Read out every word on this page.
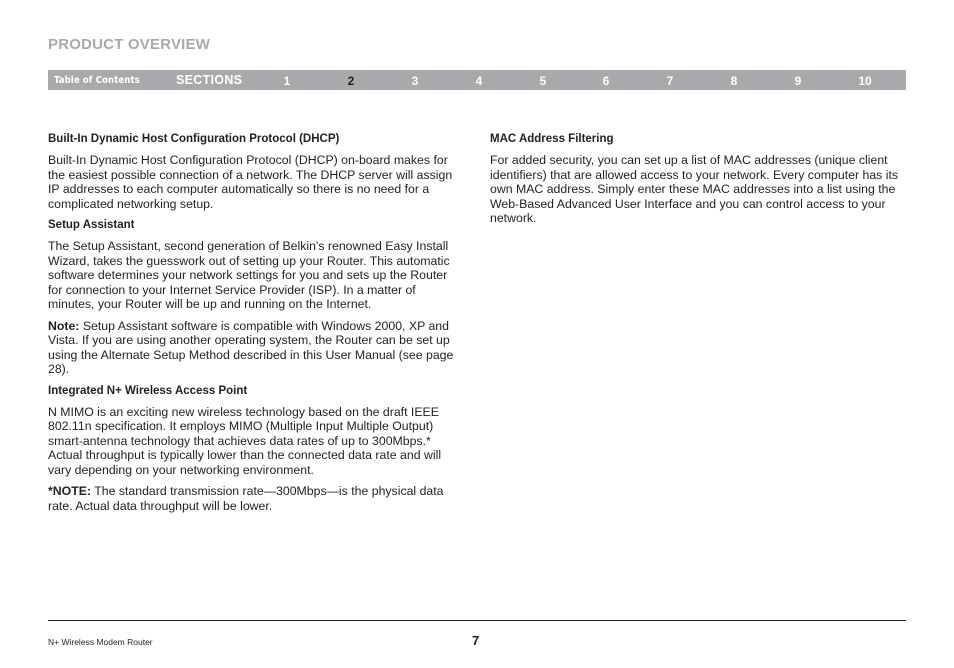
PRODUCT OVERVIEW
Table of Contents	SECTIONS	1	2	3	4	5	6	7	8	9	10
Built-In Dynamic Host Configuration Protocol (DHCP)

Built-In Dynamic Host Configuration Protocol (DHCP) on-board makes for the easiest possible connection of a network. The DHCP server will assign IP addresses to each computer automatically so there is no need for a complicated networking setup.

Setup Assistant

The Setup Assistant, second generation of Belkin's renowned Easy Install Wizard, takes the guesswork out of setting up your Router. This automatic software determines your network settings for you and sets up the Router for connection to your Internet Service Provider (ISP). In a matter of minutes, your Router will be up and running on the Internet.

Note: Setup Assistant software is compatible with Windows 2000, XP and Vista. If you are using another operating system, the Router can be set up using the Alternate Setup Method described in this User Manual (see page 28).

Integrated N+ Wireless Access Point

N MIMO is an exciting new wireless technology based on the draft IEEE 802.11n specification. It employs MIMO (Multiple Input Multiple Output) smart-antenna technology that achieves data rates of up to 300Mbps.* Actual throughput is typically lower than the connected data rate and will vary depending on your networking environment.

*NOTE: The standard transmission rate—300Mbps—is the physical data rate. Actual data throughput will be lower.

MAC Address Filtering

For added security, you can set up a list of MAC addresses (unique client identifiers) that are allowed access to your network. Every computer has its own MAC address. Simply enter these MAC addresses into a list using the Web-Based Advanced User Interface and you can control access to your network.

N+ Wireless Modem Router	7
